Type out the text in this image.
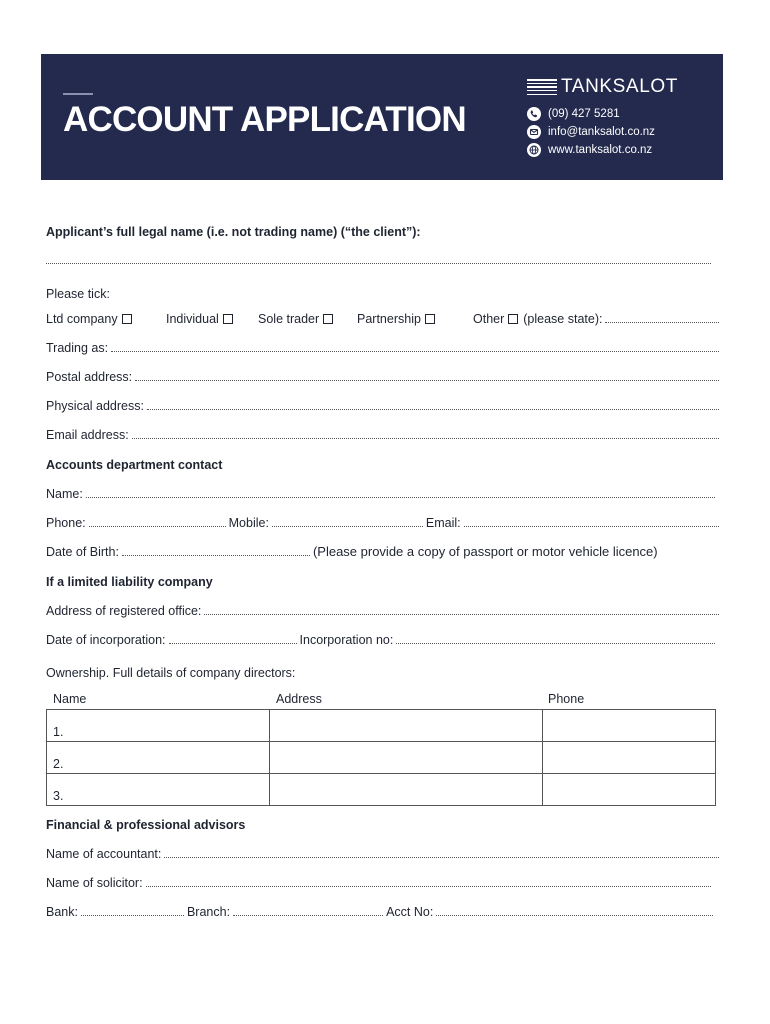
ACCOUNT APPLICATION
TANKSALOT
(09) 427 5281
info@tanksalot.co.nz
www.tanksalot.co.nz
Applicant’s full legal name (i.e. not trading name) (“the client”):
Please tick:
Ltd company	Individual	Sole trader	Partnership	Other (please state):
Trading as:
Postal address:
Physical address:
Email address:
Accounts department contact
Name:
Phone:	Mobile:	Email:
Date of Birth:	(Please provide a copy of passport or motor vehicle licence)
If a limited liability company
Address of registered office:
Date of incorporation:	Incorporation no:
Ownership. Full details of company directors:
Name	Address	Phone
1.		
2.		
3.		
Financial & professional advisors
Name of accountant:
Name of solicitor:
Bank:	Branch:	Acct No:
